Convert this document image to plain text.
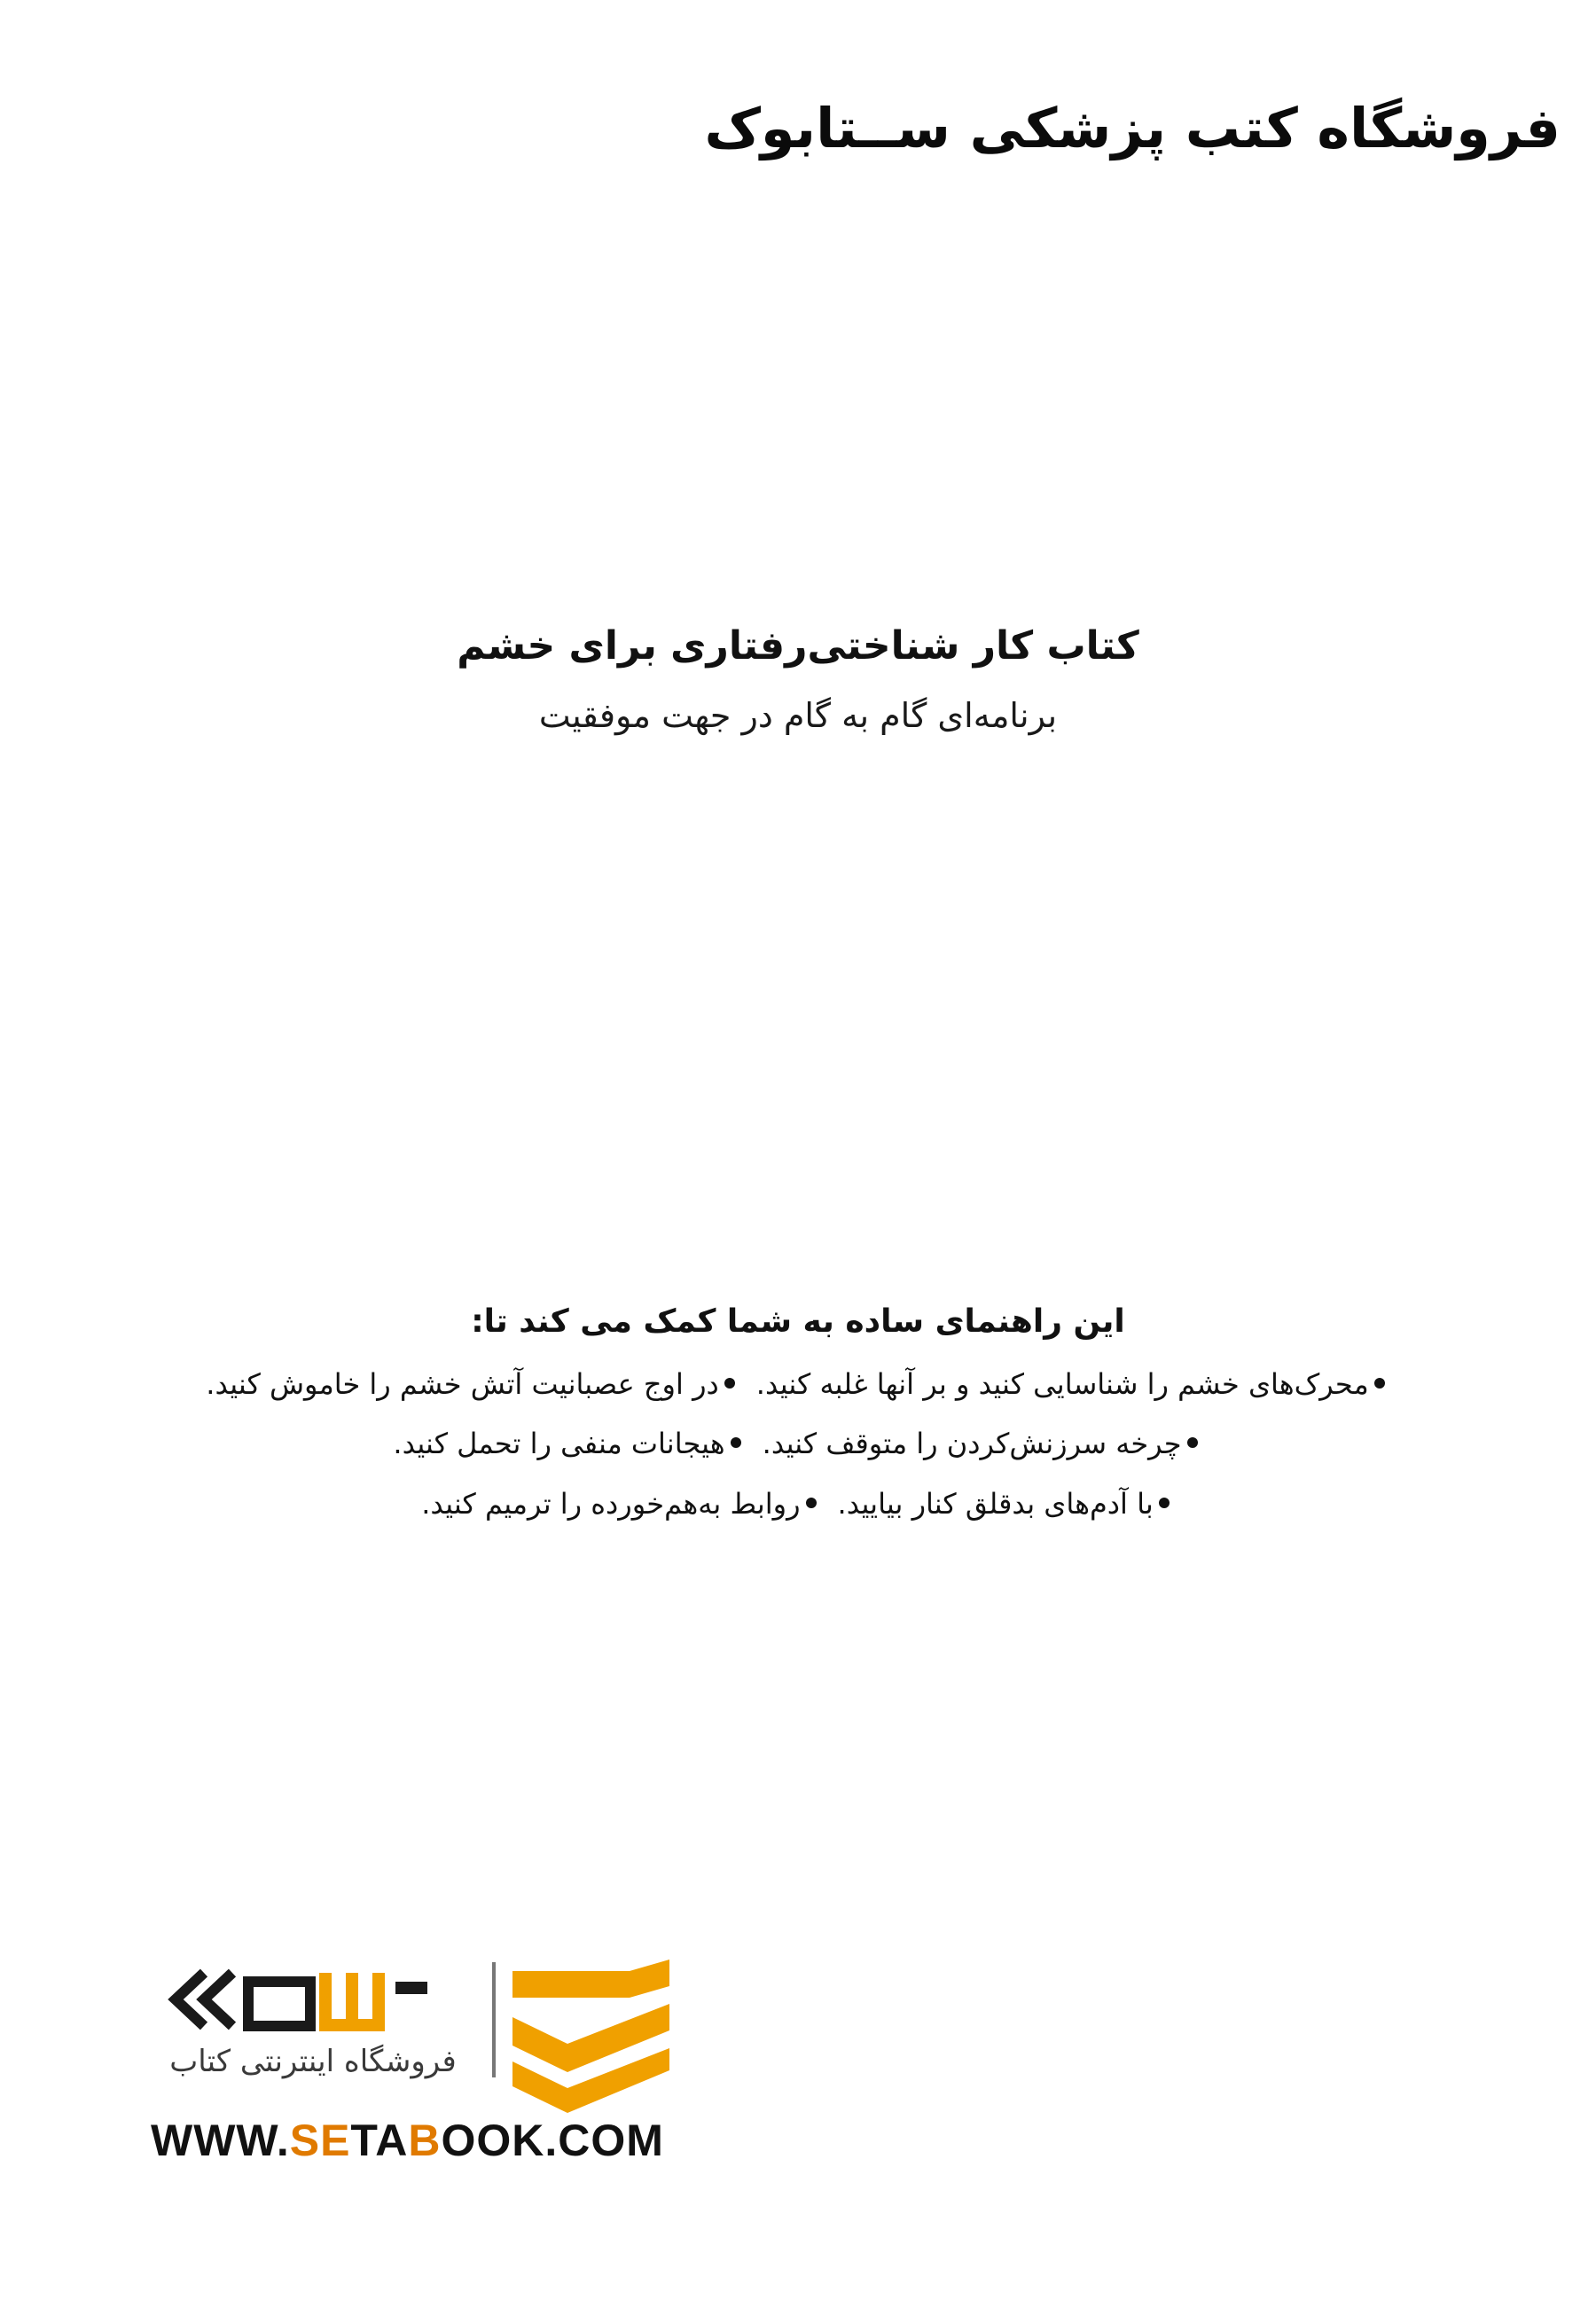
فروشگاه کتب پزشکی ســتابوک

کتاب کار شناختی‌رفتاری برای خشم

برنامه‌ای گام به گام در جهت موفقیت

این راهنمای ساده به شما کمک می کند تا:

محرک‌های خشم را شناسایی کنید و بر آنها غلبه کنید.در اوج عصبانیت آتش خشم را خاموش کنید.

چرخه سرزنش‌کردن را متوقف کنید.هیجانات منفی را تحمل کنید.

با آدم‌های بدقلق کنار بیایید.روابط به‌هم‌خورده را ترمیم کنید.

فروشگاه اینترنتی کتاب
WWW.SETABOOK.COM
